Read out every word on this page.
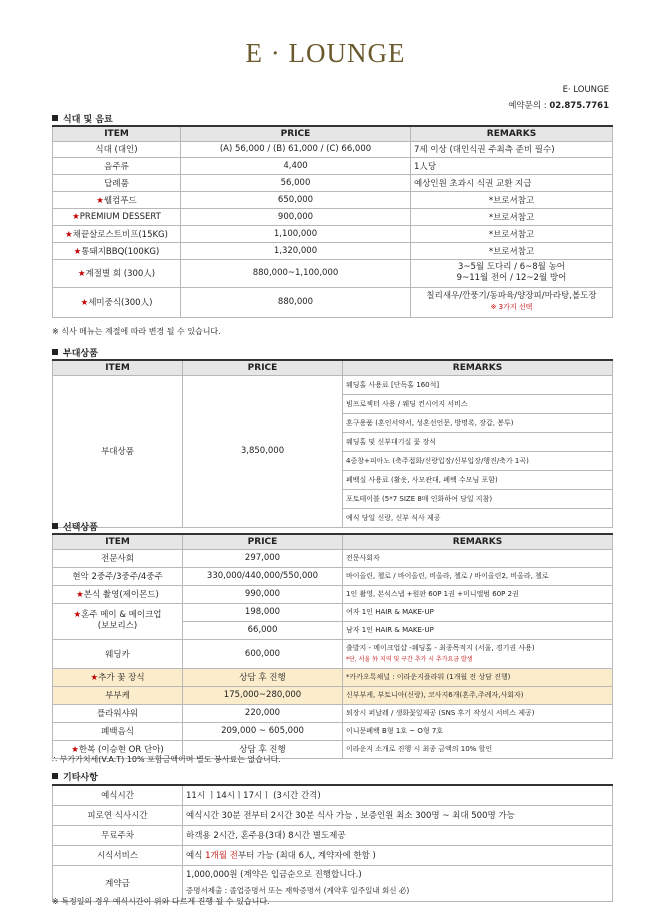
E · LOUNGE
E· LOUNGE
예약문의 : 02.875.7761
식대 및 음료
ITEM	PRICE	REMARKS
식대 (대인)	(A) 56,000 / (B) 61,000 / (C) 66,000	7세 이상 (대인식권 주최측 준비 필수)
음주류	4,400	1人당
답례품	56,000	예상인원 초과시 식권 교환 지급
★웰컴푸드	650,000	*브로셔참고
★PREMIUM DESSERT	900,000	*브로셔참고
★채끝살로스트비프(15KG)	1,100,000	*브로셔참고
★통돼지BBQ(100KG)	1,320,000	*브로셔참고
★계절별 회 (300人)	880,000~1,100,000	3~5월 도다리 / 6~8월 농어
9~11월 전어 / 12~2월 방어

★세미중식(300人)	880,000	칠리새우/깐풍기/동파육/양장피/마라탕,볼도장
※ 3가지 선택
※ 식사 메뉴는 계절에 따라 변경 될 수 있습니다.
부대상품
ITEM	PRICE	REMARKS
부대상품	3,850,000	웨딩홀 사용료 [단독홀 160석]
		빔프로젝터 사용 / 웨딩 컨시어지 서비스
		혼구용품 (혼인서약서, 성혼선언문, 방명록, 장갑, 봉투)
		웨딩홀 및 신부대기실 꽃 장식
		4중창+피아노 (축주접화/신랑입장/신부입장/행진/축가 1곡)
		폐백실 사용료 (활옷, 사모관대, 폐백 수모님 포함)
		포토테이블 (5*7 SIZE 8매 인화하여 당일 지참)
		예식 당일 신랑, 신부 식사 제공
선택상품
ITEM	PRICE	REMARKS
전문사회	297,000	전문사회자
현악 2중주/3중주/4중주	330,000/440,000/550,000	바이올린, 첼로 / 바이올린, 비올라, 첼로 / 바이올린2, 비올라, 첼로
★본식 촬영(제이몬드)	990,000	1인 촬영, 본식스냅 +원판 60P 1권 +미니앨범 60P 2권

★혼주 메이 & 메이크업
(보보리스)	198,000	여자 1인 HAIR & MAKE-UP
	66,000	남자 1인 HAIR & MAKE-UP
웨딩카	600,000	출발지 - 메이크업샵 -웨딩홀 - 최종목적지 (서울, 경기권 사용)
*단, 서울 外 지역 및 구간 추가 시 추가요금 발생

★추가 꽃 장식	상담 후 진행	*카카오톡채널 : 이라운지플라워 (1개월 전 상담 진행)
부부케	175,000~280,000	신부부케, 부토니아(신랑), 코사지6개(혼주,주례자,사회자)
플라워샤워	220,000	퇴장시 퍼날레 / 생화꽃잎제공 (SNS 후기 작성시 서비스 제공)
폐백음식	209,000 ~ 605,000	이니문폐백 B형 1호 ~ O형 7호
★한복 (이승현 OR 단아)	상담 후 진행	이라운지 소개로 진행 시 최종 금액의 10% 할인
∴ 부가가치세(V.A.T) 10% 포함금액이며 별도 봉사료는 없습니다.
기타사항
예식시간	11시 ㅣ14시ㅣ17시ㅣ (3시간 간격)
피로연 식사시간	예식시간 30분 전부터 2시간 30분 식사 가능 , 보증인원 최소 300명 ~ 최대 500명 가능
무료주차	하객용 2시간, 혼주용(3대) 8시간 별도제공
시식서비스	예식 1개월 전부터 가능 (최대 6人, 계약자에 한함 )
계약금	1,000,000원 (계약은 입금순으로 진행합니다.)
증명서제출 : 졸업증명서 또는 재학증명서 (계약후 일주일내 회신 必)
※ 특정일의 경우 예식시간이 위와 다르게 진행 될 수 있습니다.
